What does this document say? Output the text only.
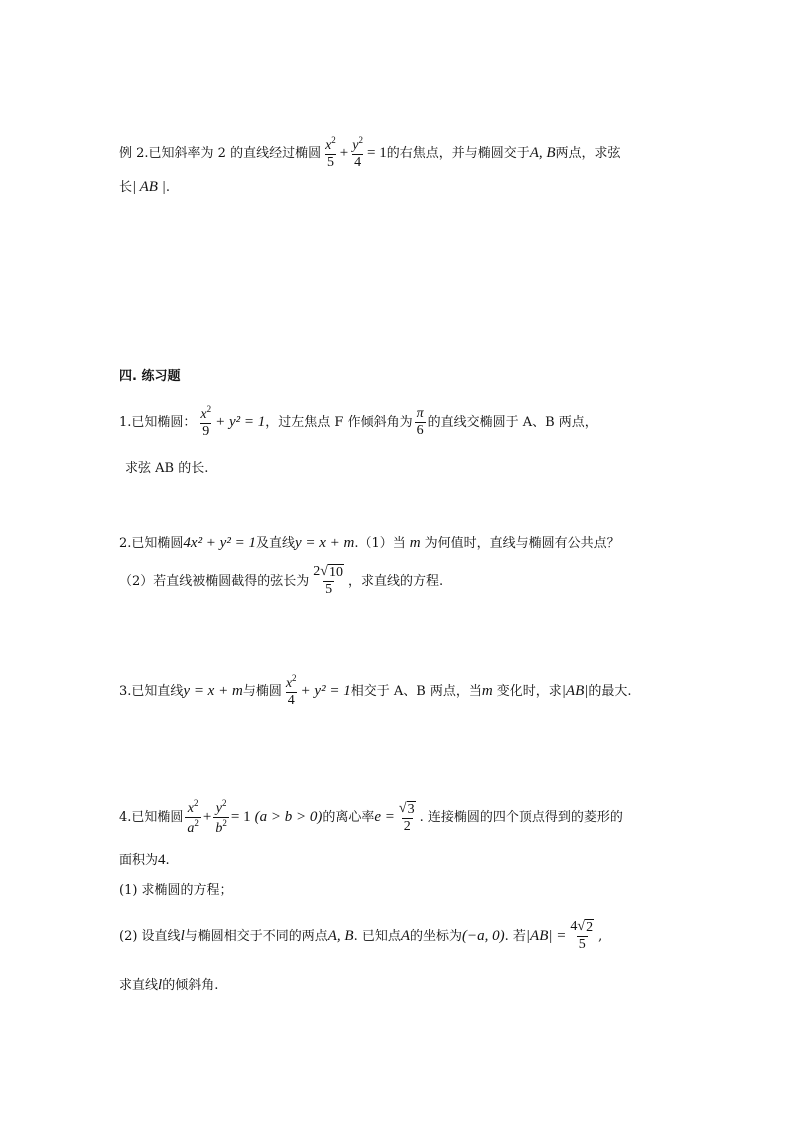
例 2.已知斜率为 2 的直线经过椭圆 $\frac{x^2}{5} + \frac{y^2}{4} = 1$ 的右焦点，并与椭圆交于 A, B 两点，求弦
长 | AB | .
四. 练习题
1.已知椭圆： $\frac{x^2}{9} + y^2 = 1$ ，过左焦点 F 作倾斜角为 $\frac{\pi}{6}$ 的直线交椭圆于 A、B 两点，
求弦 AB 的长.
2.已知椭圆 4x² + y² = 1 及直线 y = x + m .（1）当 m 为何值时，直线与椭圆有公共点？
（2）若直线被椭圆截得的弦长为 $\frac{2√ 10}{5}$ ，求直线的方程.
3.已知直线 y = x + m 与椭圆 $\frac{x^2}{4} + y^2 = 1$ 相交于 A、B 两点，当 m 变化时，求 |AB| 的最大.
4.已知椭圆 $\frac{x^2}{a^2} + \frac{y^2}{b^2} = 1$ (a > b > 0) 的离心率 $e = \frac{√ 3}{2}$ . 连接椭圆的四个顶点得到的菱形的
面积为 4 .
(1) 求椭圆的方程；
(2) 设直线 l 与椭圆相交于不同的两点 A, B . 已知点 A 的坐标为 (−a, 0) . 若 $|AB| = \frac{4√ 2}{5}$ ,
求直线 l 的倾斜角.
